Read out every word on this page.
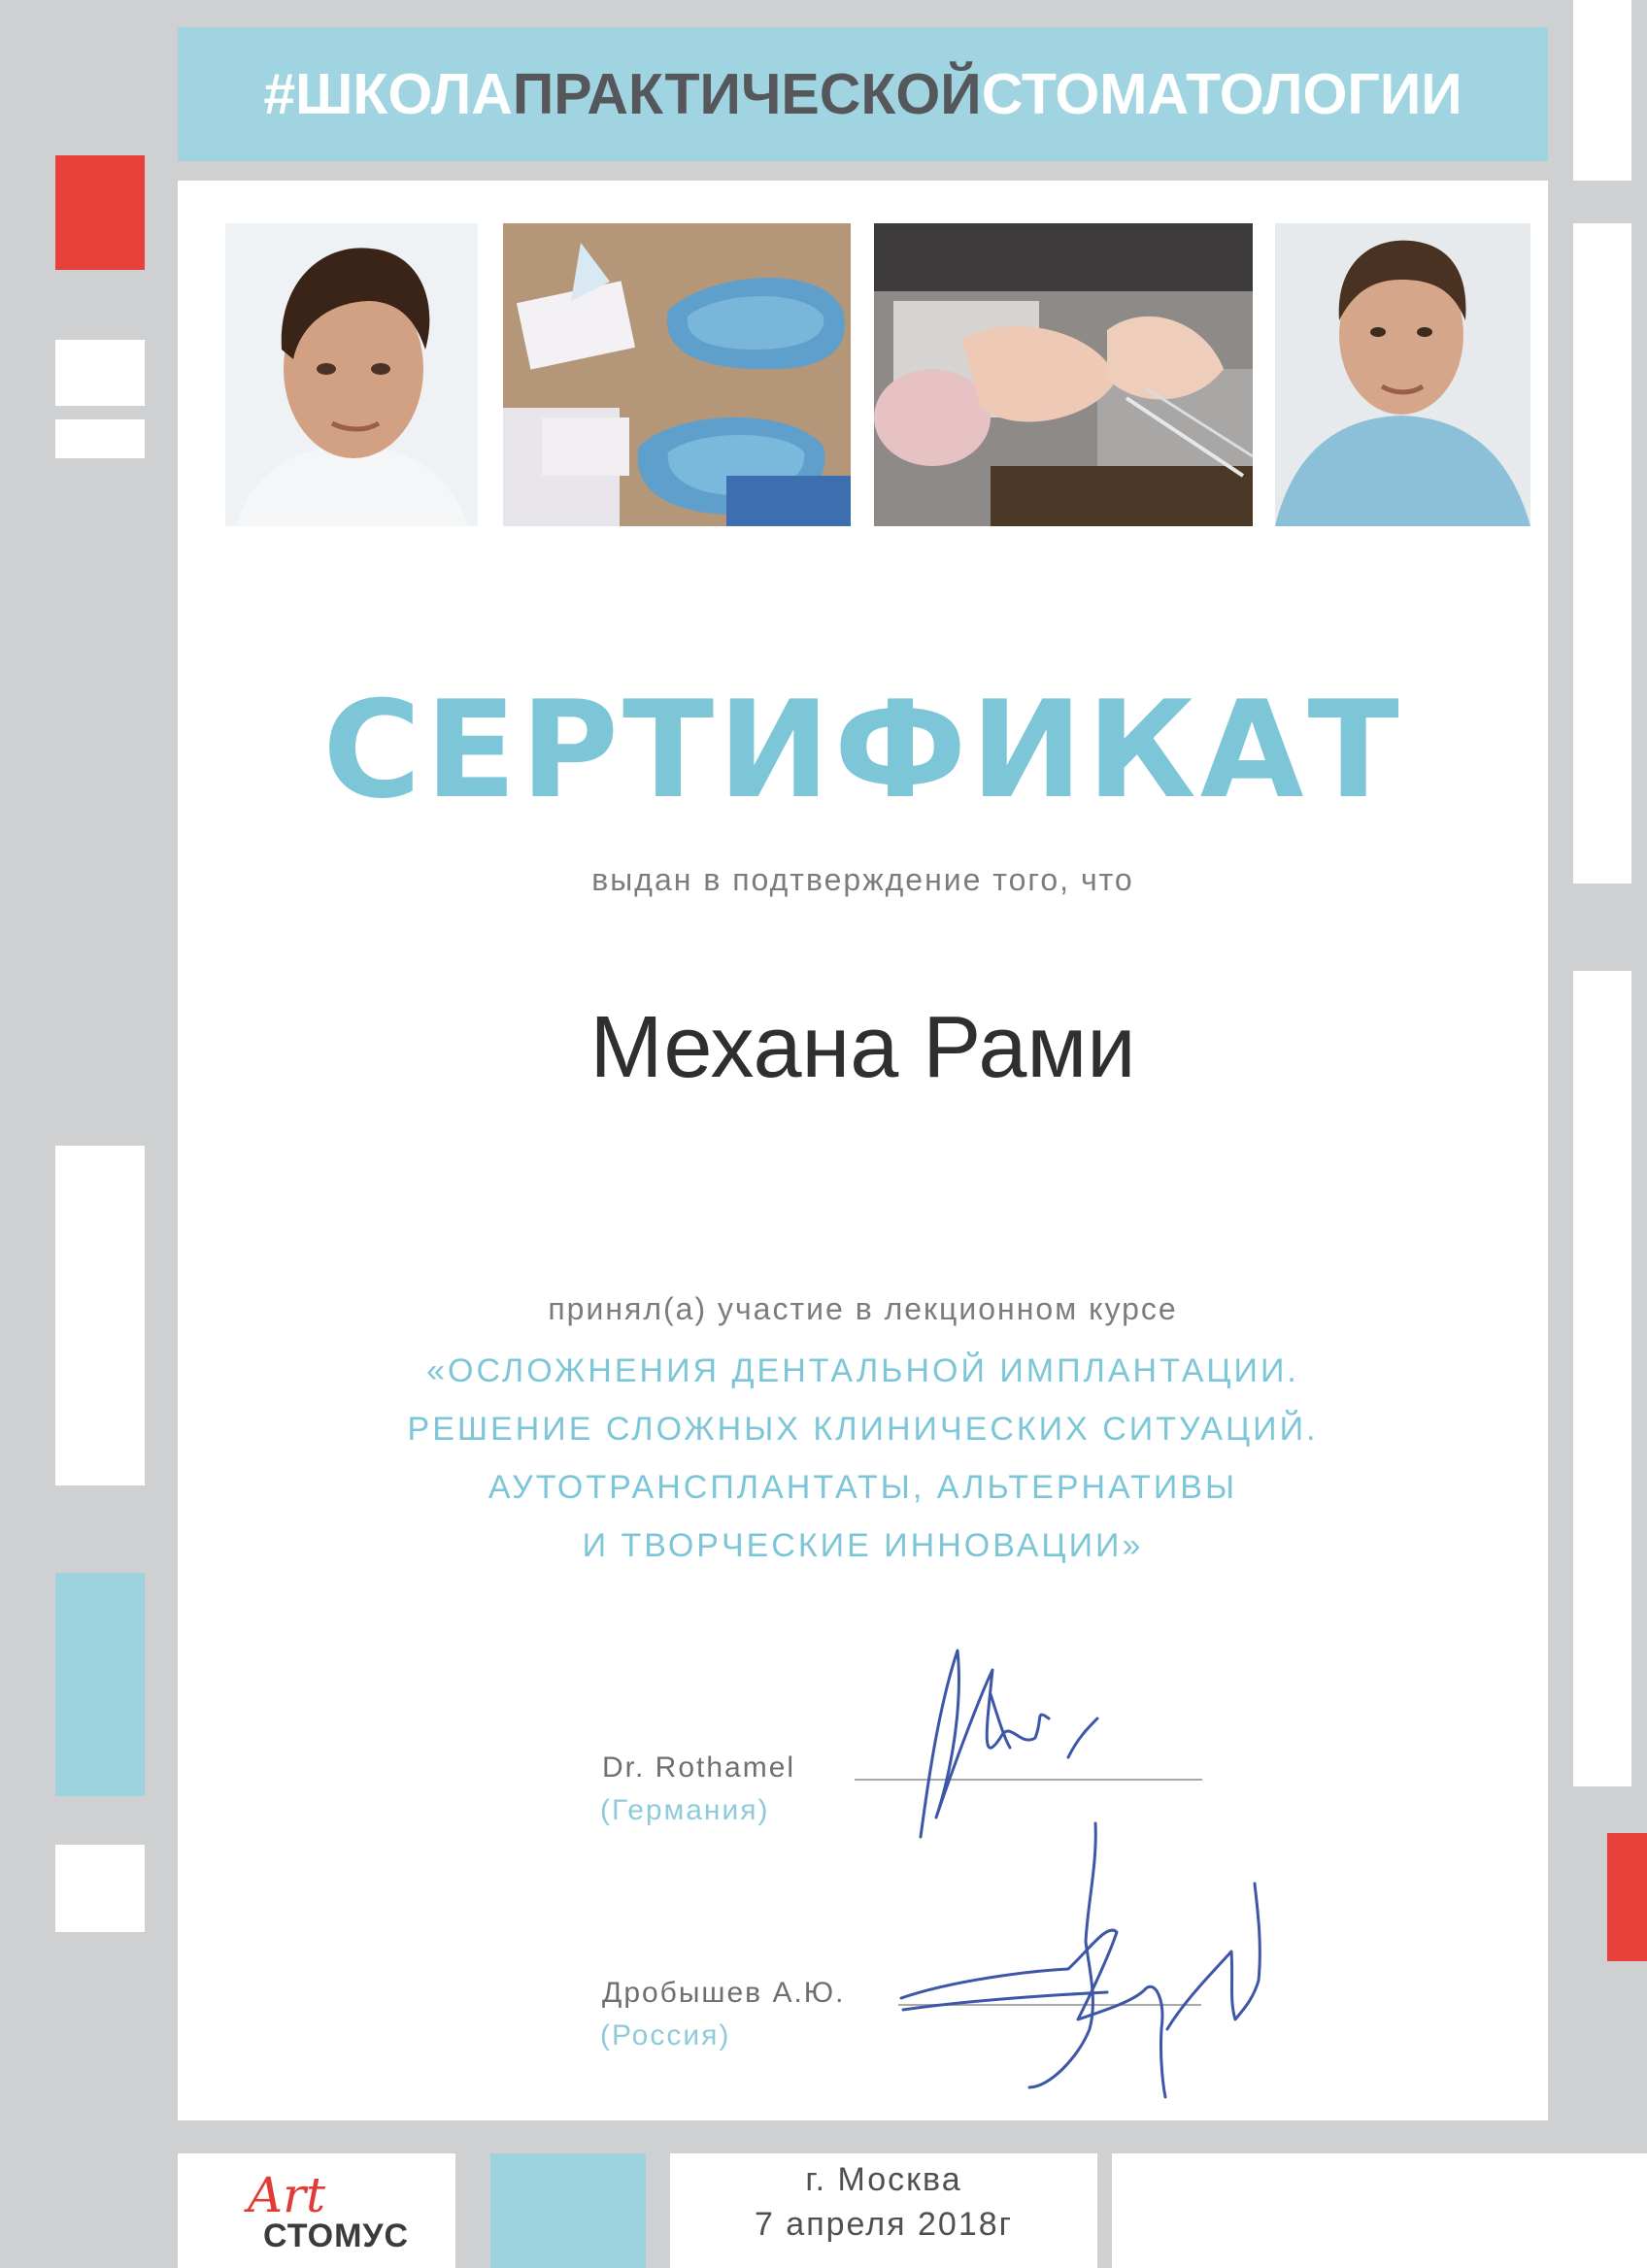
#ШКОЛА ПРАКТИЧЕСКОЙ СТОМАТОЛОГИИ
СЕРТИФИКАТ
выдан в подтверждение того, что
Механа Рами
принял(а) участие в лекционном курсе
«ОСЛОЖНЕНИЯ ДЕНТАЛЬНОЙ ИМПЛАНТАЦИИ.
РЕШЕНИЕ СЛОЖНЫХ КЛИНИЧЕСКИХ СИТУАЦИЙ.
АУТОТРАНСПЛАНТАТЫ, АЛЬТЕРНАТИВЫ
И ТВОРЧЕСКИЕ ИННОВАЦИИ»
Dr. Rothamel
(Германия)
Дробышев А.Ю.
(Россия)
Art
СТОМУС
г. Москва
7 апреля 2018г
